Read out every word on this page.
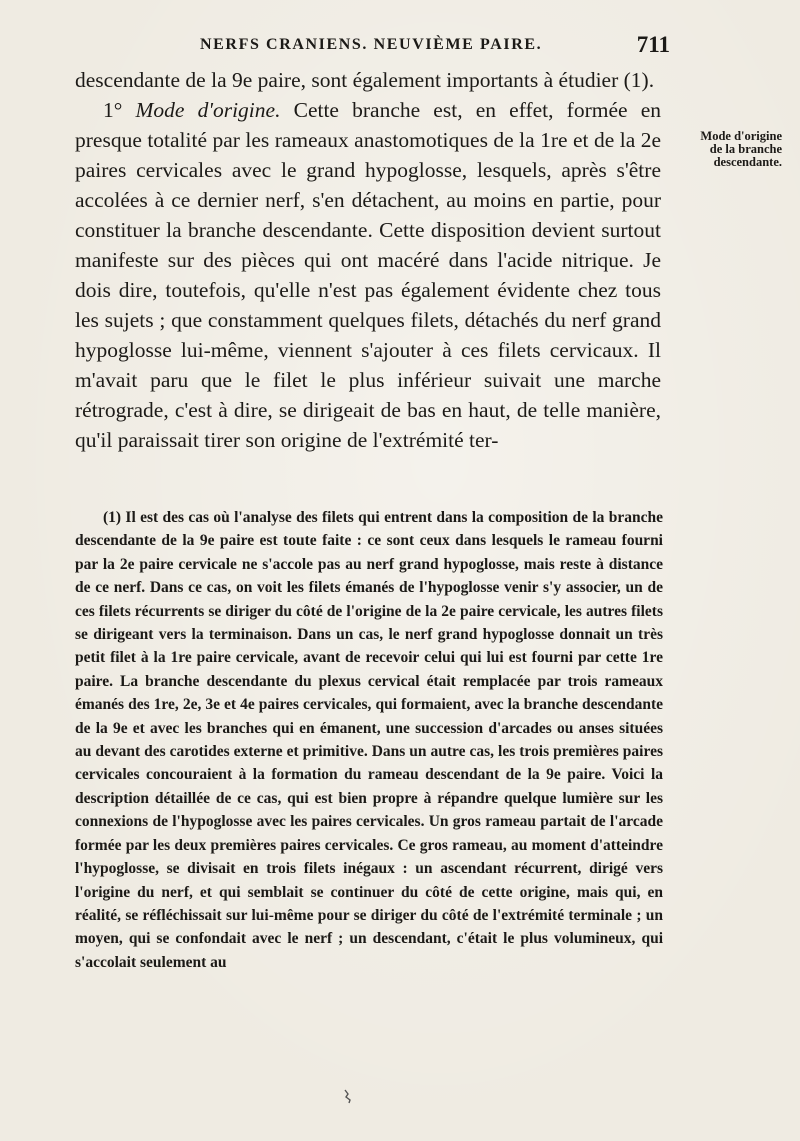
NERFS CRANIENS. NEUVIÈME PAIRE.	711

descendante de la 9e paire, sont également importants à étudier (1).

1° Mode d'origine. Cette branche est, en effet, formée en presque totalité par les rameaux anastomotiques de la 1re et de la 2e paires cervicales avec le grand hypoglosse, lesquels, après s'être accolées à ce dernier nerf, s'en détachent, au moins en partie, pour constituer la branche descendante. Cette disposition devient surtout manifeste sur des pièces qui ont macéré dans l'acide nitrique. Je dois dire, toutefois, qu'elle n'est pas également évidente chez tous les sujets ; que constamment quelques filets, détachés du nerf grand hypoglosse lui-même, viennent s'ajouter à ces filets cervicaux. Il m'avait paru que le filet le plus inférieur suivait une marche rétrograde, c'est à dire, se dirigeait de bas en haut, de telle manière, qu'il paraissait tirer son origine de l'extrémité ter-

Mode d'origine
de la branche
descendante.

(1) Il est des cas où l'analyse des filets qui entrent dans la composition de la branche descendante de la 9e paire est toute faite : ce sont ceux dans lesquels le rameau fourni par la 2e paire cervicale ne s'accole pas au nerf grand hypoglosse, mais reste à distance de ce nerf. Dans ce cas, on voit les filets émanés de l'hypoglosse venir s'y associer, un de ces filets récurrents se diriger du côté de l'origine de la 2e paire cervicale, les autres filets se dirigeant vers la terminaison. Dans un cas, le nerf grand hypoglosse donnait un très petit filet à la 1re paire cervicale, avant de recevoir celui qui lui est fourni par cette 1re paire. La branche descendante du plexus cervical était remplacée par trois rameaux émanés des 1re, 2e, 3e et 4e paires cervicales, qui formaient, avec la branche descendante de la 9e et avec les branches qui en émanent, une succession d'arcades ou anses situées au devant des carotides externe et primitive. Dans un autre cas, les trois premières paires cervicales concouraient à la formation du rameau descendant de la 9e paire. Voici la description détaillée de ce cas, qui est bien propre à répandre quelque lumière sur les connexions de l'hypoglosse avec les paires cervicales. Un gros rameau partait de l'arcade formée par les deux premières paires cervicales. Ce gros rameau, au moment d'atteindre l'hypoglosse, se divisait en trois filets inégaux : un ascendant récurrent, dirigé vers l'origine du nerf, et qui semblait se continuer du côté de cette origine, mais qui, en réalité, se réfléchissait sur lui-même pour se diriger du côté de l'extrémité terminale ; un moyen, qui se confondait avec le nerf ; un descendant, c'était le plus volumineux, qui s'accolait seulement au
